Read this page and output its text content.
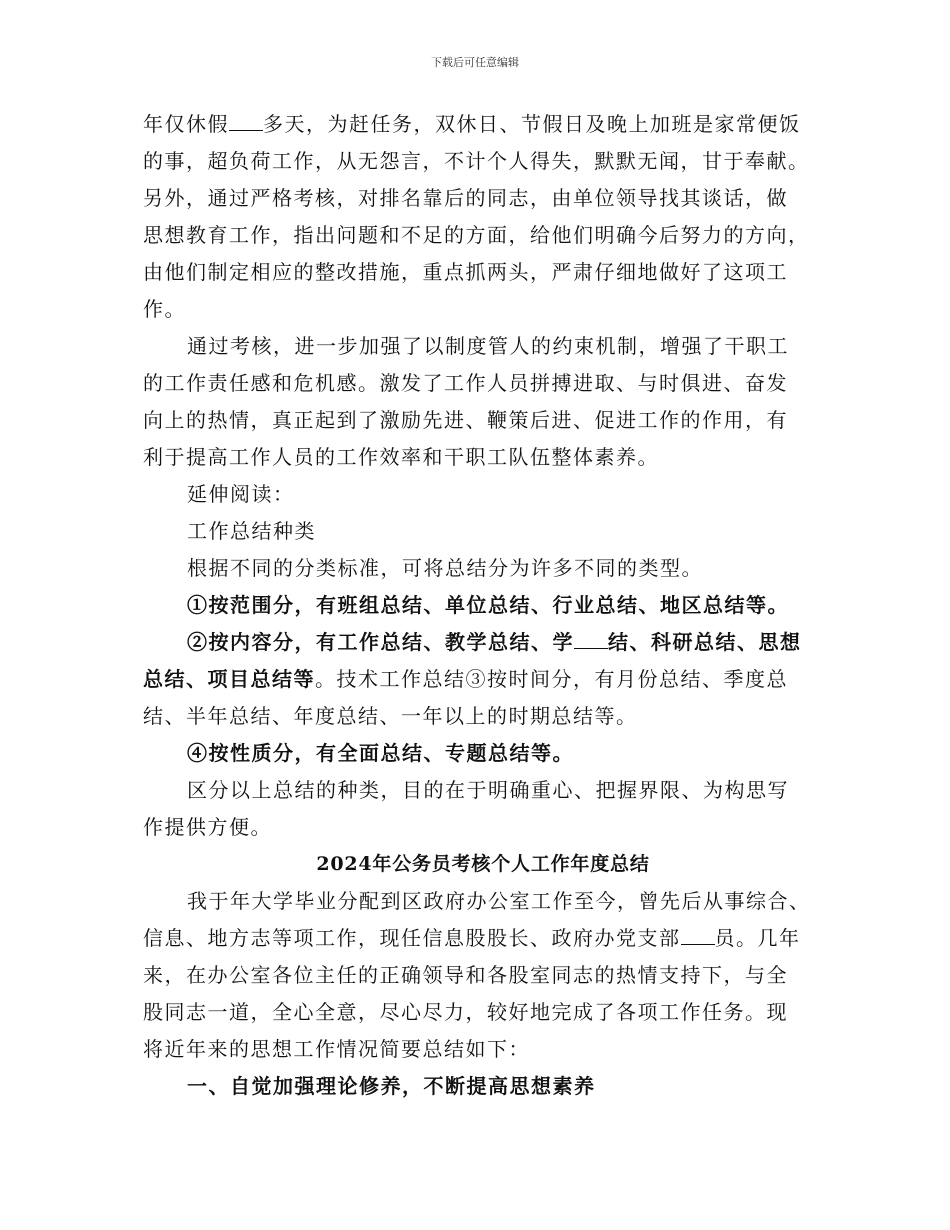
下载后可任意编辑
年仅休假 多天，为赶任务，双休日、节假日及晚上加班是家常便饭
的事，超负荷工作，从无怨言，不计个人得失，默默无闻，甘于奉献。
另外，通过严格考核，对排名靠后的同志，由单位领导找其谈话，做
思想教育工作，指出问题和不足的方面，给他们明确今后努力的方向，
由他们制定相应的整改措施，重点抓两头，严肃仔细地做好了这项工
作。
通过考核，进一步加强了以制度管人的约束机制，增强了干职工
的工作责任感和危机感。激发了工作人员拼搏进取、与时俱进、奋发
向上的热情，真正起到了激励先进、鞭策后进、促进工作的作用，有
利于提高工作人员的工作效率和干职工队伍整体素养。
延伸阅读：
工作总结种类
根据不同的分类标准，可将总结分为许多不同的类型。
①按范围分，有班组总结、单位总结、行业总结、地区总结等。
②按内容分，有工作总结、教学总结、学 结、科研总结、思想
总结、项目总结等。技术工作总结③按时间分，有月份总结、季度总
结、半年总结、年度总结、一年以上的时期总结等。
④按性质分，有全面总结、专题总结等。
区分以上总结的种类，目的在于明确重心、把握界限、为构思写
作提供方便。
2024年公务员考核个人工作年度总结
我于年大学毕业分配到区政府办公室工作至今，曾先后从事综合、
信息、地方志等项工作，现任信息股股长、政府办党支部 员。几年
来，在办公室各位主任的正确领导和各股室同志的热情支持下，与全
股同志一道，全心全意，尽心尽力，较好地完成了各项工作任务。现
将近年来的思想工作情况简要总结如下：
一、自觉加强理论修养，不断提高思想素养
